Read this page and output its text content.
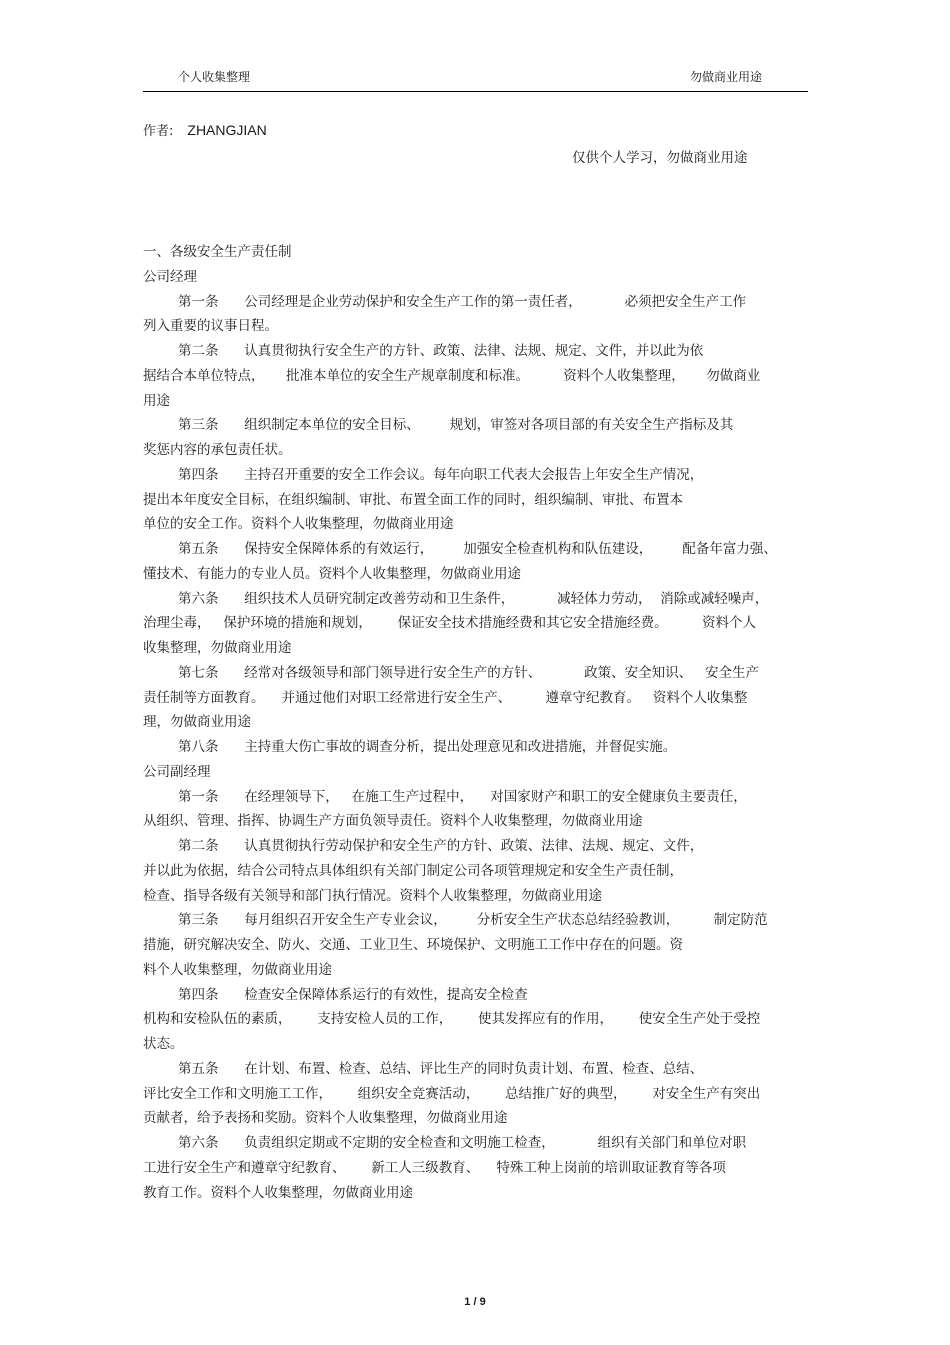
个人收集整理	勿做商业用途
作者: ZHANGJIAN
仅供个人学习，勿做商业用途
一、各级安全生产责任制
公司经理
第一条      公司经理是企业劳动保护和安全生产工作的第一责任者，          必须把安全生产工作
列入重要的议事日程。
第二条      认真贯彻执行安全生产的方针、政策、法律、法规、规定、文件，并以此为依
据结合本单位特点，     批准本单位的安全生产规章制度和标准。        资料个人收集整理，     勿做商业
用途
第三条      组织制定本单位的安全目标、       规划，审签对各项目部的有关安全生产指标及其
奖惩内容的承包责任状。
第四条      主持召开重要的安全工作会议。每年向职工代表大会报告上年安全生产情况，
提出本年度安全目标，在组织编制、审批、布置全面工作的同时，组织编制、审批、布置本
单位的安全工作。资料个人收集整理，勿做商业用途
第五条      保持安全保障体系的有效运行，       加强安全检查机构和队伍建设，       配备年富力强、
懂技术、有能力的专业人员。资料个人收集整理，勿做商业用途
第六条      组织技术人员研究制定改善劳动和卫生条件，          减轻体力劳动，  消除或减轻噪声，
治理尘毒，   保护环境的措施和规划，      保证安全技术措施经费和其它安全措施经费。        资料个人
收集整理，勿做商业用途
第七条      经常对各级领导和部门领导进行安全生产的方针、          政策、安全知识、   安全生产
责任制等方面教育。    并通过他们对职工经常进行安全生产、        遵章守纪教育。   资料个人收集整
理，勿做商业用途
第八条      主持重大伤亡事故的调查分析，提出处理意见和改进措施，并督促实施。
公司副经理
第一条      在经理领导下，   在施工生产过程中，    对国家财产和职工的安全健康负主要责任，
从组织、管理、指挥、协调生产方面负领导责任。资料个人收集整理，勿做商业用途
第二条      认真贯彻执行劳动保护和安全生产的方针、政策、法律、法规、规定、文件，
并以此为依据，结合公司特点具体组织有关部门制定公司各项管理规定和安全生产责任制，
检查、指导各级有关领导和部门执行情况。资料个人收集整理，勿做商业用途
第三条      每月组织召开安全生产专业会议，       分析安全生产状态总结经验教训，        制定防范
措施，研究解决安全、防火、交通、工业卫生、环境保护、文明施工工作中存在的问题。资
料个人收集整理，勿做商业用途
第四条      检查安全保障体系运行的有效性，提高安全检查
机构和安检队伍的素质，      支持安检人员的工作，      使其发挥应有的作用，      使安全生产处于受控
状态。
第五条      在计划、布置、检查、总结、评比生产的同时负责计划、布置、检查、总结、
评比安全工作和文明施工工作，      组织安全竞赛活动，      总结推广好的典型，      对安全生产有突出
贡献者，给予表扬和奖励。资料个人收集整理，勿做商业用途
第六条      负责组织定期或不定期的安全检查和文明施工检查，          组织有关部门和单位对职
工进行安全生产和遵章守纪教育、      新工人三级教育、    特殊工种上岗前的培训取证教育等各项
教育工作。资料个人收集整理，勿做商业用途
1 / 9
